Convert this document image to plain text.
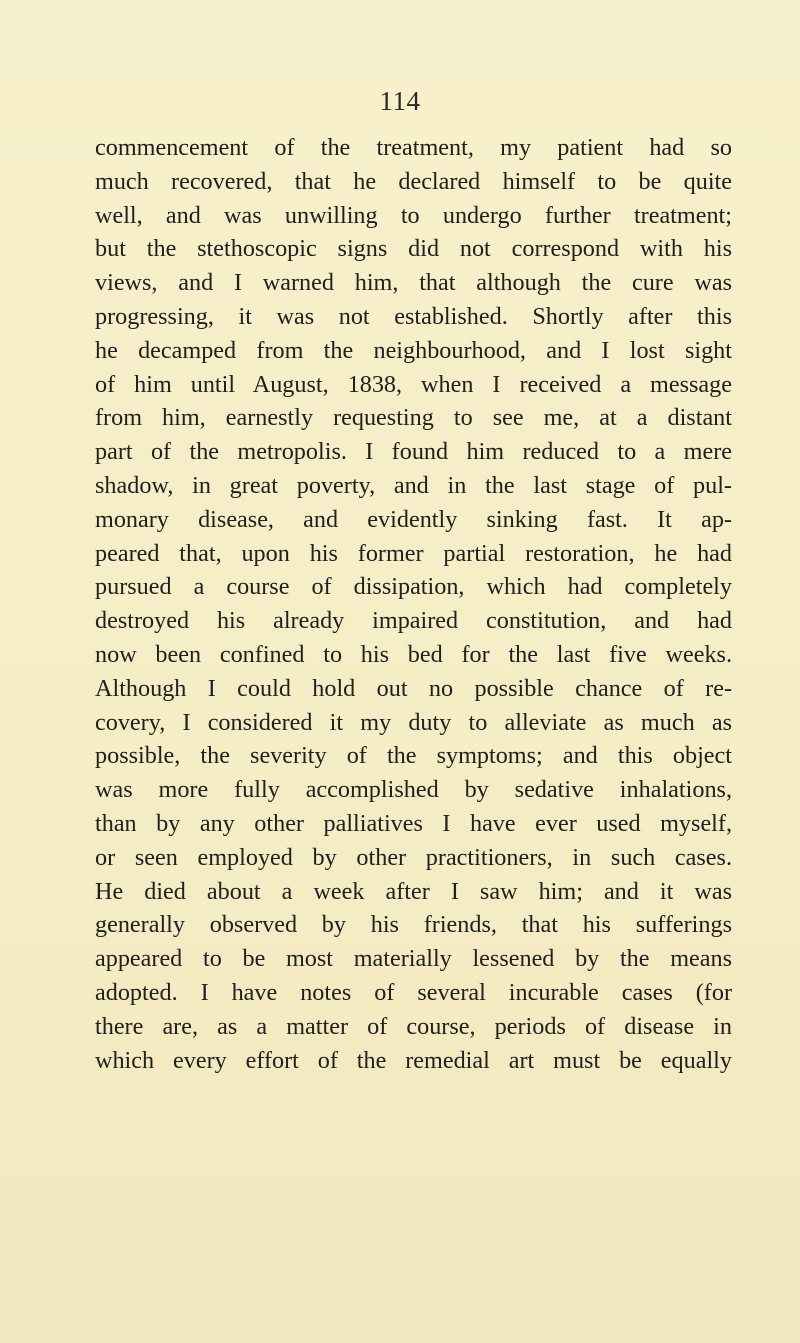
114
commencement of the treatment, my patient had so
much recovered, that he declared himself to be quite
well, and was unwilling to undergo further treatment;
but the stethoscopic signs did not correspond with his
views, and I warned him, that although the cure was
progressing, it was not established. Shortly after this
he decamped from the neighbourhood, and I lost sight
of him until August, 1838, when I received a message
from him, earnestly requesting to see me, at a distant
part of the metropolis. I found him reduced to a mere
shadow, in great poverty, and in the last stage of pul-
monary disease, and evidently sinking fast. It ap-
peared that, upon his former partial restoration, he had
pursued a course of dissipation, which had completely
destroyed his already impaired constitution, and had
now been confined to his bed for the last five weeks.
Although I could hold out no possible chance of re-
covery, I considered it my duty to alleviate as much as
possible, the severity of the symptoms; and this object
was more fully accomplished by sedative inhalations,
than by any other palliatives I have ever used myself,
or seen employed by other practitioners, in such cases.
He died about a week after I saw him; and it was
generally observed by his friends, that his sufferings
appeared to be most materially lessened by the means
adopted. I have notes of several incurable cases (for
there are, as a matter of course, periods of disease in
which every effort of the remedial art must be equally
